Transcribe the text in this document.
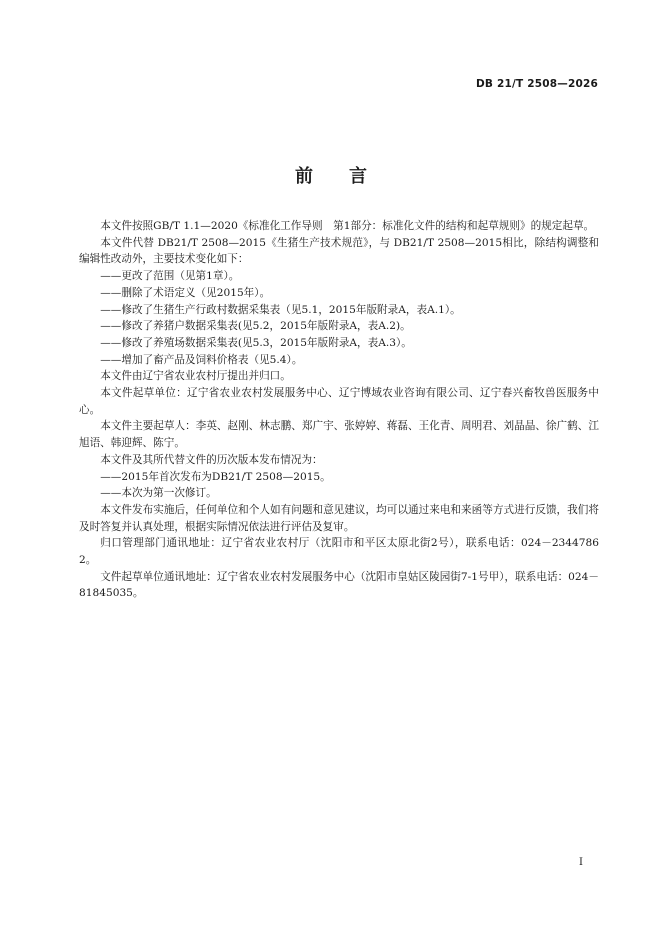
DB 21/T 2508—2026
前　　言

本文件按照GB/T 1.1—2020《标准化工作导则　第1部分：标准化文件的结构和起草规则》的规定起草。

本文件代替 DB21/T 2508—2015《生猪生产技术规范》，与 DB21/T 2508—2015相比，除结构调整和编辑性改动外，主要技术变化如下：

——更改了范围（见第1章）。

——删除了术语定义（见2015年）。

——修改了生猪生产行政村数据采集表（见5.1，2015年版附录A，表A.1）。

——修改了养猪户数据采集表(见5.2，2015年版附录A，表A.2)。

——修改了养殖场数据采集表(见5.3，2015年版附录A，表A.3）。

——增加了畜产品及饲料价格表（见5.4）。

本文件由辽宁省农业农村厅提出并归口。

本文件起草单位：辽宁省农业农村发展服务中心、辽宁博域农业咨询有限公司、辽宁春兴畜牧兽医服务中心。

本文件主要起草人：李英、赵刚、林志鹏、郑广宇、张婷婷、蒋磊、王化青、周明君、刘晶晶、徐广鹤、江旭语、韩迎辉、陈宁。

本文件及其所代替文件的历次版本发布情况为：

——2015年首次发布为DB21/T 2508—2015。

——本次为第一次修订。

本文件发布实施后，任何单位和个人如有问题和意见建议，均可以通过来电和来函等方式进行反馈，我们将及时答复并认真处理，根据实际情况依法进行评估及复审。

归口管理部门通讯地址：辽宁省农业农村厅（沈阳市和平区太原北街2号），联系电话：024－23447862。

文件起草单位通讯地址：辽宁省农业农村发展服务中心（沈阳市皇姑区陵园街7-1号甲），联系电话：024－81845035。

I
